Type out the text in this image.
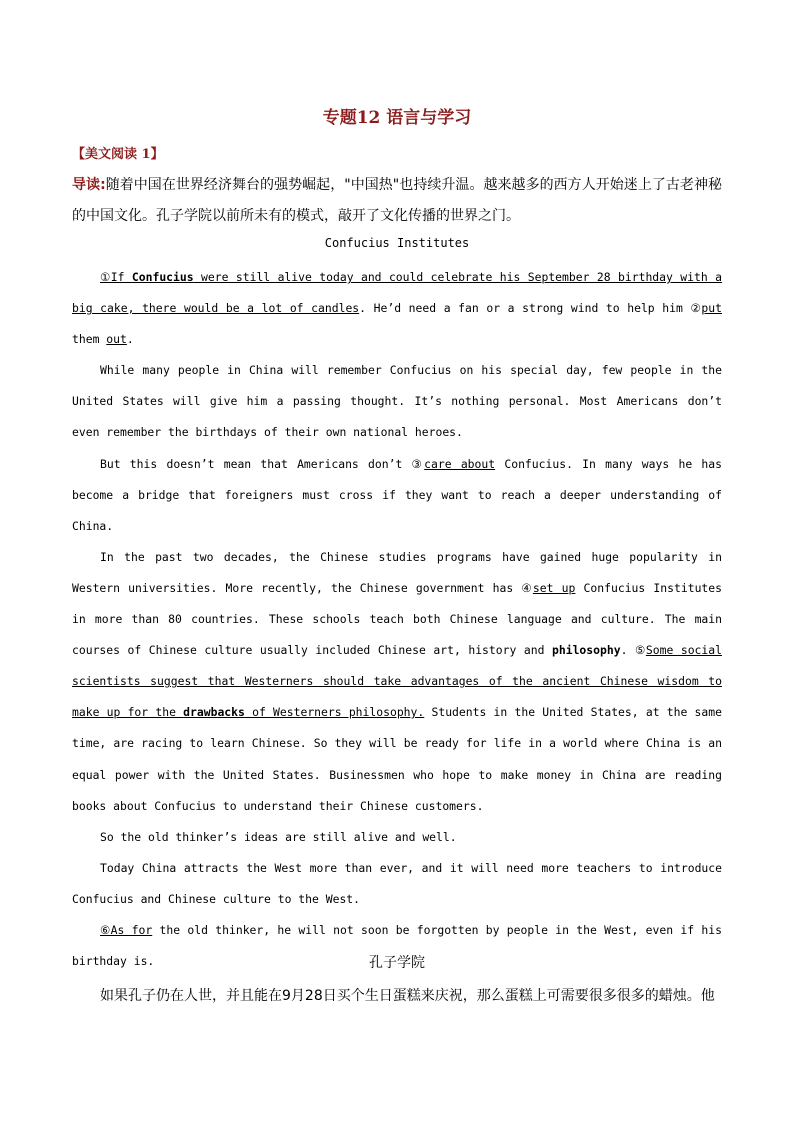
专题12 语言与学习
【美文阅读 1】
导读:随着中国在世界经济舞台的强势崛起，"中国热"也持续升温。越来越多的西方人开始迷上了古老神秘的中国文化。孔子学院以前所未有的模式，敲开了文化传播的世界之门。
Confucius Institutes

①If Confucius were still alive today and could celebrate his September 28 birthday with a big cake, there would be a lot of candles. He’d need a fan or a strong wind to help him ②put them out.

While many people in China will remember Confucius on his special day, few people in the United States will give him a passing thought. It’s nothing personal. Most Americans don’t even remember the birthdays of their own national heroes.

But this doesn’t mean that Americans don’t ③care about Confucius. In many ways he has become a bridge that foreigners must cross if they want to reach a deeper understanding of China.

In the past two decades, the Chinese studies programs have gained huge popularity in Western universities. More recently, the Chinese government has ④set up Confucius Institutes in more than 80 countries. These schools teach both Chinese language and culture. The main courses of Chinese culture usually included Chinese art, history and philosophy. ⑤Some social scientists suggest that Westerners should take advantages of the ancient Chinese wisdom to make up for the drawbacks of Westerners philosophy. Students in the United States, at the same time, are racing to learn Chinese. So they will be ready for life in a world where China is an equal power with the United States. Businessmen who hope to make money in China are reading books about Confucius to understand their Chinese customers.

So the old thinker’s ideas are still alive and well.

Today China attracts the West more than ever, and it will need more teachers to introduce Confucius and Chinese culture to the West.

⑥As for the old thinker, he will not soon be forgotten by people in the West, even if his birthday is.	孔子学院
如果孔子仍在人世，并且能在9月28日买个生日蛋糕来庆祝，那么蛋糕上可需要很多很多的蜡烛。他
